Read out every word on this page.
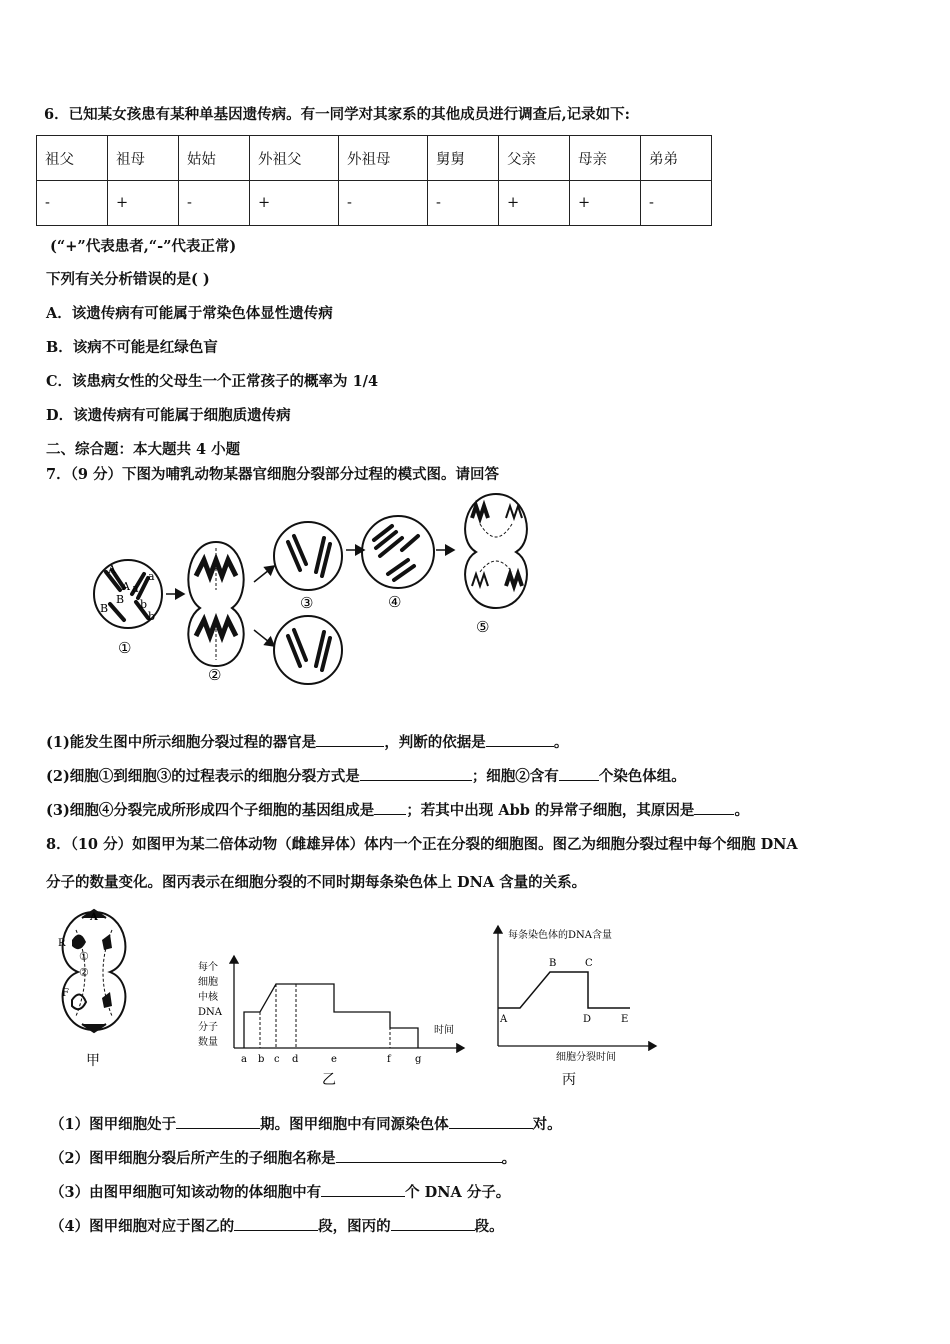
6．已知某女孩患有某种单基因遗传病。有一同学对其家系的其他成员进行调查后,记录如下:
祖父	祖母	姑姑	外祖父	外祖母	舅舅	父亲	母亲	弟弟
-	+	-	+	-	-	+	+	-
(“+”代表患者,“-”代表正常)
下列有关分析错误的是( )
A．该遗传病有可能属于常染色体显性遗传病
B．该病不可能是红绿色盲
C．该患病女性的父母生一个正常孩子的概率为 1/4
D．该遗传病有可能属于细胞质遗传病
二、综合题：本大题共 4 小题
7．（9 分）下图为哺乳动物某器官细胞分裂部分过程的模式图。请回答
A
A
a
a
B
B	b
b
①
②
③	④
⑤
(1)能发生图中所示细胞分裂过程的器官是	，判断的依据是	。
(2)细胞①到细胞③的过程表示的细胞分裂方式是	；细胞②含有	个染色体组。
(3)细胞④分裂完成所形成四个子细胞的基因组成是 ；若其中出现 Abb 的异常子细胞，其原因是	。
8．（10 分）如图甲为某二倍体动物（雌雄异体）体内一个正在分裂的细胞图。图乙为细胞分裂过程中每个细胞 DNA
分子的数量变化。图丙表示在细胞分裂的不同时期每条染色体上 DNA 含量的关系。
A
R
①
②
F
甲
每个
细胞
中核
DNA
分子
数量
时间
a b c d	e	f g
乙
每条染色体的DNA含量
细胞分裂时间
A
B	C
D	E
丙
（1）图甲细胞处于	期。图甲细胞中有同源染色体	对。
（2）图甲细胞分裂后所产生的子细胞名称是	。
（3）由图甲细胞可知该动物的体细胞中有	个 DNA 分子。
（4）图甲细胞对应于图乙的	段，图丙的	段。
